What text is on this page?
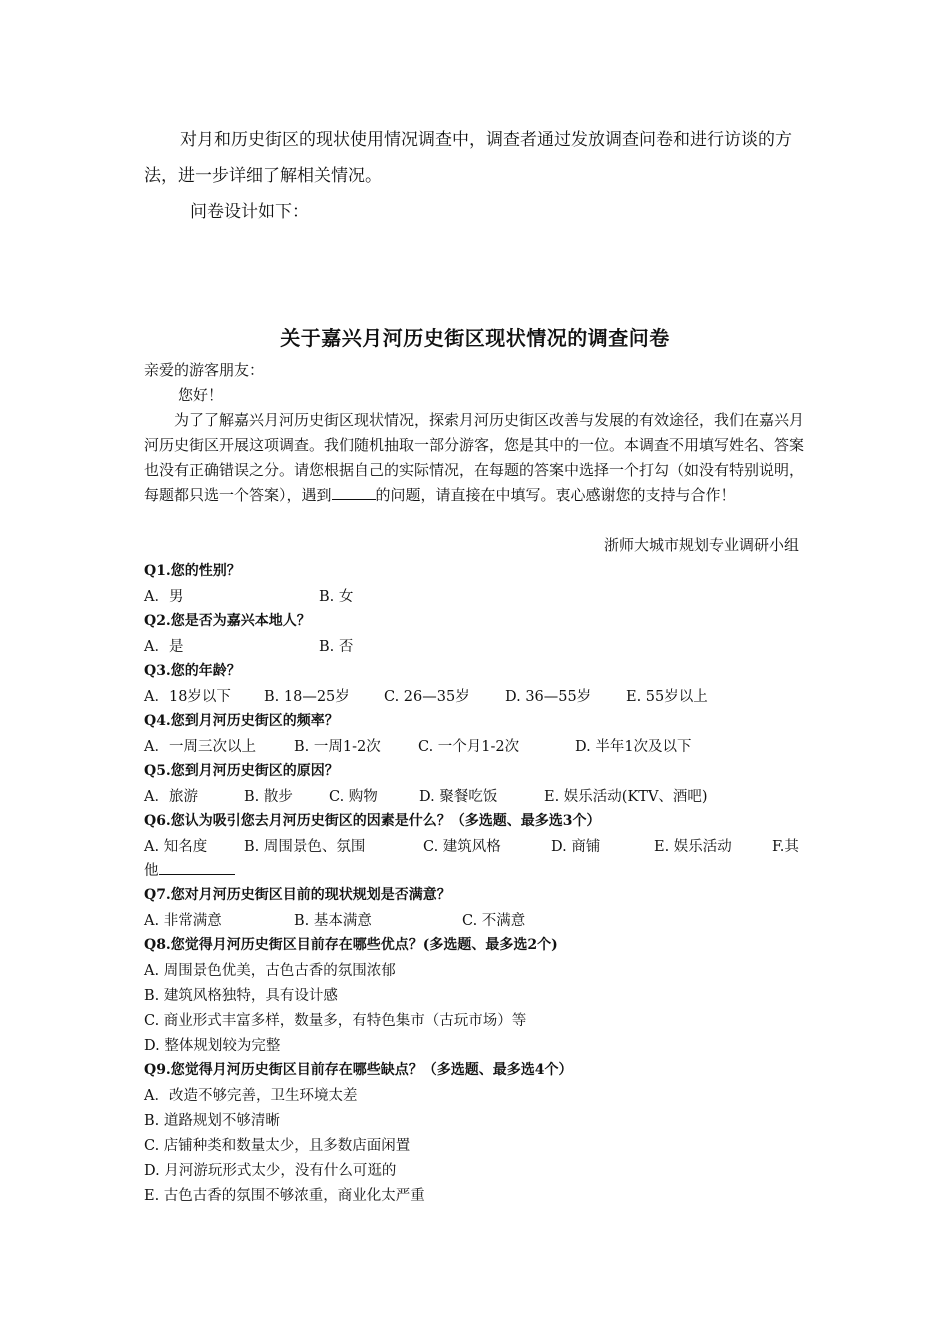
对月和历史街区的现状使用情况调查中，调查者通过发放调查问卷和进行访谈的方法，进一步详细了解相关情况。

问卷设计如下：

关于嘉兴月河历史街区现状情况的调查问卷
亲爱的游客朋友：
您好！
为了了解嘉兴月河历史街区现状情况，探索月河历史街区改善与发展的有效途径，我们在嘉兴月河历史街区开展这项调查。我们随机抽取一部分游客，您是其中的一位。本调查不用填写姓名、答案也没有正确错误之分。请您根据自己的实际情况，在每题的答案中选择一个打勾（如没有特别说明，每题都只选一个答案），遇到	的问题，请直接在中填写。衷心感谢您的支持与合作！
浙师大城市规划专业调研小组
Q1.您的性别？
A．男	B. 女
Q2.您是否为嘉兴本地人？
A．是	B. 否
Q3.您的年龄？
A．18岁以下 B. 18—25岁 C. 26—35岁 D. 36—55岁 E. 55岁以上
Q4.您到月河历史街区的频率？
A．一周三次以上	B. 一周1-2次	C. 一个月1-2次	D. 半年1次及以下
Q5.您到月河历史街区的原因？
A．旅游	B. 散步 C. 购物	D. 聚餐吃饭	E. 娱乐活动(KTV、酒吧)
Q6.您认为吸引您去月河历史街区的因素是什么？（多选题、最多选3个）
A. 知名度	B. 周围景色、氛围	C. 建筑风格	D. 商铺	E. 娱乐活动	F.其
他
Q7.您对月河历史街区目前的现状规划是否满意？
A. 非常满意	B. 基本满意	C. 不满意
Q8.您觉得月河历史街区目前存在哪些优点？(多选题、最多选2个)
A. 周围景色优美，古色古香的氛围浓郁
B. 建筑风格独特，具有设计感
C. 商业形式丰富多样，数量多，有特色集市（古玩市场）等
D. 整体规划较为完整
Q9.您觉得月河历史街区目前存在哪些缺点？（多选题、最多选4个）
A．改造不够完善，卫生环境太差
B. 道路规划不够清晰
C. 店铺种类和数量太少，且多数店面闲置
D. 月河游玩形式太少，没有什么可逛的
E. 古色古香的氛围不够浓重，商业化太严重
